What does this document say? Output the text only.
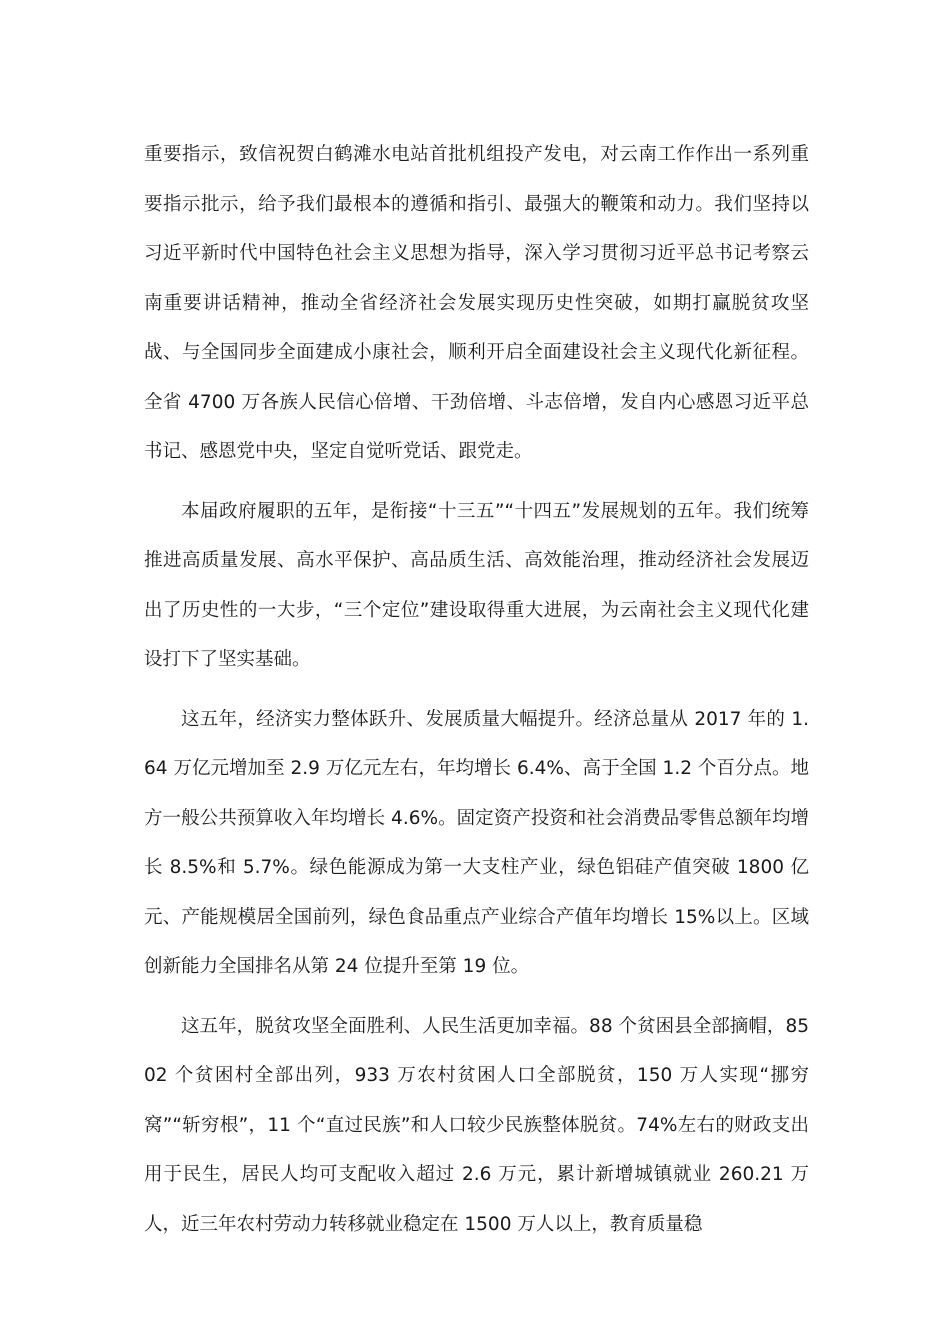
重要指示，致信祝贺白鹤滩水电站首批机组投产发电，对云南工作作出一系列重要指示批示，给予我们最根本的遵循和指引、最强大的鞭策和动力。我们坚持以习近平新时代中国特色社会主义思想为指导，深入学习贯彻习近平总书记考察云南重要讲话精神，推动全省经济社会发展实现历史性突破，如期打赢脱贫攻坚战、与全国同步全面建成小康社会，顺利开启全面建设社会主义现代化新征程。全省 4700 万各族人民信心倍增、干劲倍增、斗志倍增，发自内心感恩习近平总书记、感恩党中央，坚定自觉听党话、跟党走。

本届政府履职的五年，是衔接“十三五”“十四五”发展规划的五年。我们统筹推进高质量发展、高水平保护、高品质生活、高效能治理，推动经济社会发展迈出了历史性的一大步，“三个定位”建设取得重大进展，为云南社会主义现代化建设打下了坚实基础。

这五年，经济实力整体跃升、发展质量大幅提升。经济总量从 2017 年的 1.64 万亿元增加至 2.9 万亿元左右，年均增长 6.4%、高于全国 1.2 个百分点。地方一般公共预算收入年均增长 4.6%。固定资产投资和社会消费品零售总额年均增长 8.5%和 5.7%。绿色能源成为第一大支柱产业，绿色铝硅产值突破 1800 亿元、产能规模居全国前列，绿色食品重点产业综合产值年均增长 15%以上。区域创新能力全国排名从第 24 位提升至第 19 位。

这五年，脱贫攻坚全面胜利、人民生活更加幸福。88 个贫困县全部摘帽，8502 个贫困村全部出列，933 万农村贫困人口全部脱贫，150 万人实现“挪穷窝”“斩穷根”，11 个“直过民族”和人口较少民族整体脱贫。74%左右的财政支出用于民生，居民人均可支配收入超过 2.6 万元，累计新增城镇就业 260.21 万人，近三年农村劳动力转移就业稳定在 1500 万人以上，教育质量稳
